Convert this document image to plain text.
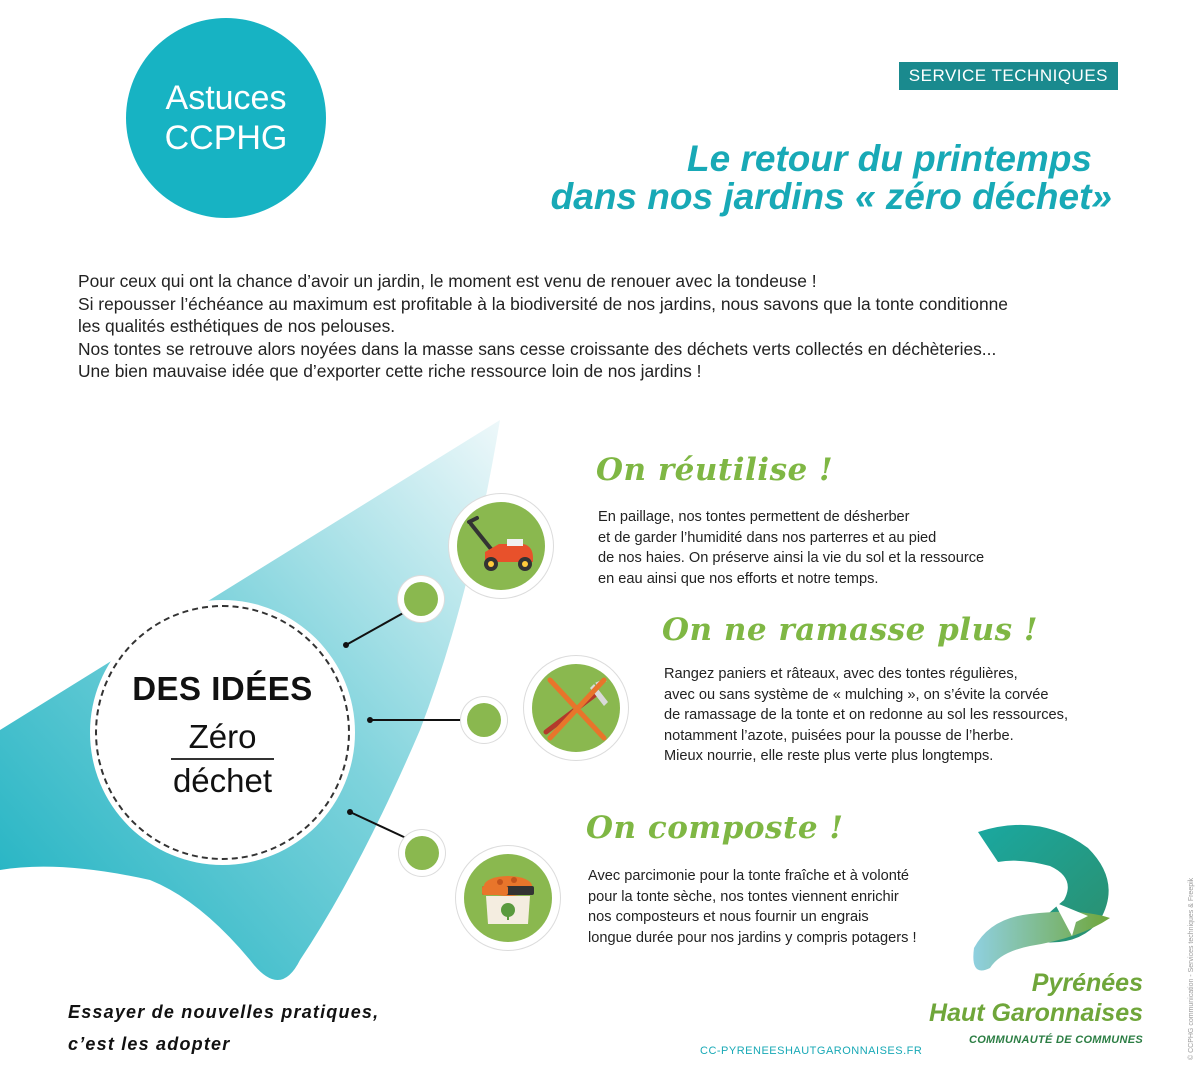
Astuces
CCPHG
SERVICE TECHNIQUES
Le retour du printemps
dans nos jardins « zéro déchet»

Pour ceux qui ont la chance d’avoir un jardin, le moment est venu de renouer avec la tondeuse !

Si repousser l’échéance au maximum est profitable à la biodiversité de nos jardins, nous savons que la tonte conditionne

les qualités esthétiques de nos pelouses.

Nos tontes se retrouve alors noyées dans la masse sans cesse croissante des déchets verts collectés en déchèteries...

Une bien mauvaise idée que d’exporter cette riche ressource loin de nos jardins !

DES IDÉES
Zéro
déchet
On réutilise !

En paillage, nos tontes permettent de désherber

et de garder l’humidité dans nos parterres et au pied

de nos haies. On préserve ainsi la vie du sol et la ressource

en eau ainsi que nos efforts et notre temps.

On ne ramasse plus !

Rangez paniers et râteaux, avec des tontes régulières,

avec ou sans système de « mulching », on s’évite la corvée

de ramassage de la tonte et on redonne au sol les ressources,

notamment l’azote, puisées pour la pousse de l’herbe.

Mieux nourrie, elle reste plus verte plus longtemps.

On composte !

Avec parcimonie pour la tonte fraîche et à volonté

pour la tonte sèche, nos tontes viennent enrichir

nos composteurs et nous fournir un engrais

longue durée pour nos jardins y compris potagers !

Essayer de nouvelles pratiques,
c’est les adopter	CC-PYRENEESHAUTGARONNAISES.FR
Pyrénées
Haut Garonnaises
COMMUNAUTÉ DE COMMUNES	© CCPHG communication - Services techniques & Freepik
